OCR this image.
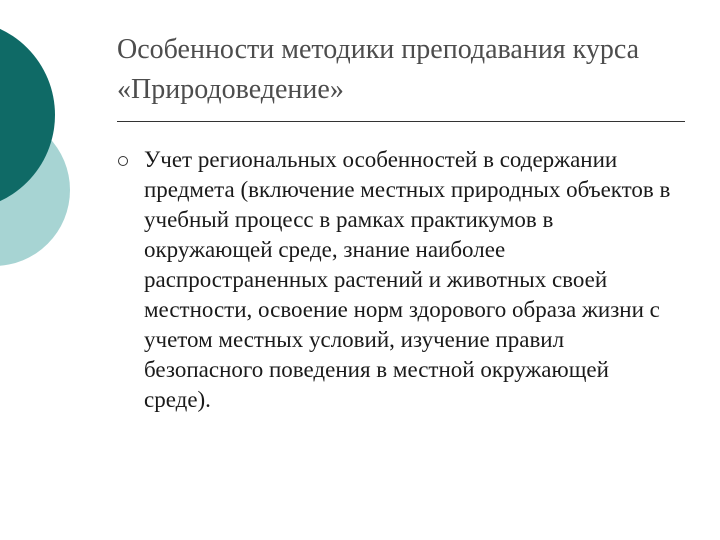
Особенности методики преподавания курса «Природоведение»
Учет региональных особенностей в содержании предмета (включение местных природных объектов в учебный процесс в рамках практикумов в окружающей среде, знание наиболее распространенных растений и животных своей местности, освоение норм здорового образа жизни с учетом местных условий, изучение правил безопасного поведения в местной окружающей среде).
